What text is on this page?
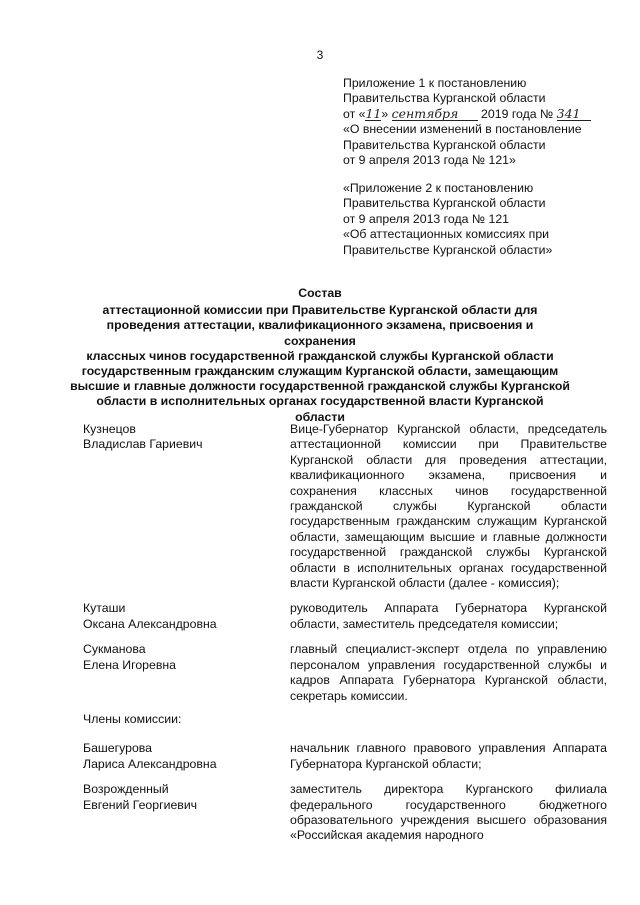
3
Приложение 1 к постановлению
Правительства Курганской области
от «11» сентября 2019 года № 341
«О внесении изменений в постановление
Правительства Курганской области
от 9 апреля 2013 года № 121»
«Приложение 2 к постановлению
Правительства Курганской области
от 9 апреля 2013 года № 121
«Об аттестационных комиссиях при
Правительстве Курганской области»
Состав
аттестационной комиссии при Правительстве Курганской области для
проведения аттестации, квалификационного экзамена, присвоения и сохранения
классных чинов государственной гражданской службы Курганской области
государственным гражданским служащим Курганской области, замещающим
высшие и главные должности государственной гражданской службы Курганской
области в исполнительных органах государственной власти Курганской области
Кузнецов
Владислав Гариевич
Вице-Губернатор Курганской области, председатель аттестационной комиссии при Правительстве Курганской области для проведения аттестации, квалификационного экзамена, присвоения и сохранения классных чинов государственной гражданской службы Курганской области государственным гражданским служащим Курганской области, замещающим высшие и главные должности государственной гражданской службы Курганской области в исполнительных органах государственной власти Курганской области (далее - комиссия);
Куташи
Оксана Александровна
руководитель Аппарата Губернатора Курганской области, заместитель председателя комиссии;
Сукманова
Елена Игоревна
главный специалист-эксперт отдела по управлению персоналом управления государственной службы и кадров Аппарата Губернатора Курганской области, секретарь комиссии.
Члены комиссии:
Башегурова
Лариса Александровна
начальник главного правового управления Аппарата Губернатора Курганской области;
Возрожденный
Евгений Георгиевич
заместитель директора Курганского филиала федерального государственного бюджетного образовательного учреждения высшего образования «Российская академия народного
